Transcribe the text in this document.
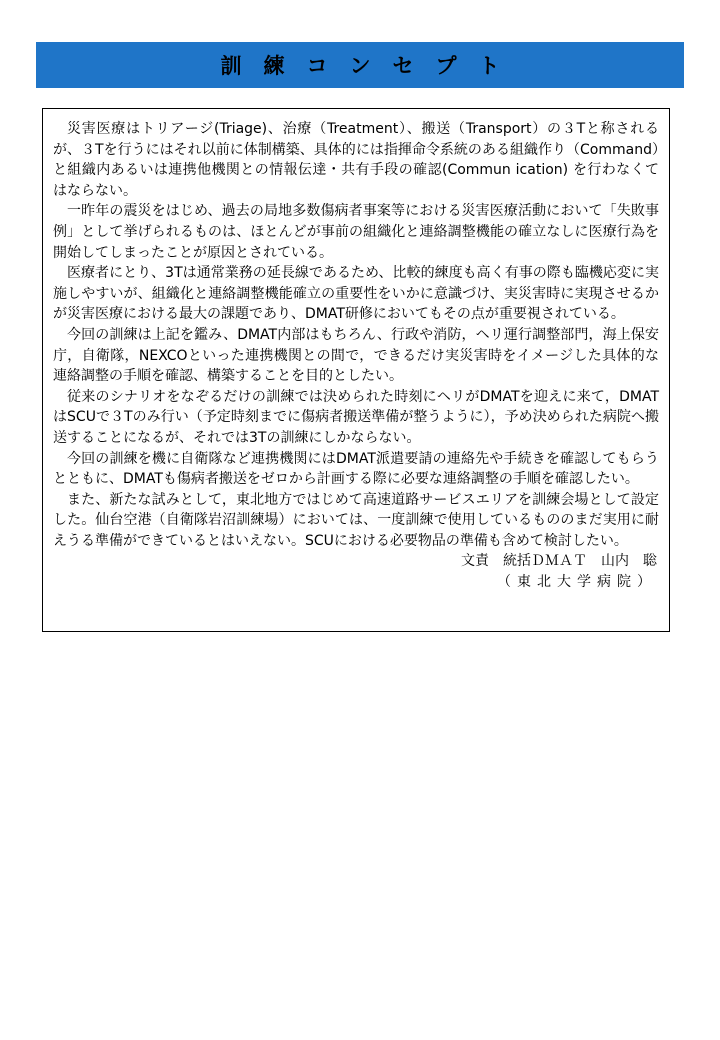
訓練コンセプト

災害医療はトリアージ(Triage)、治療（Treatment）、搬送（Transport）の３Tと称されるが、３Tを行うにはそれ以前に体制構築、具体的には指揮命令系統のある組織作り（Command）と組織内あるいは連携他機関との情報伝達・共有手段の確認(Commun ication) を行わなくてはならない。

一昨年の震災をはじめ、過去の局地多数傷病者事案等における災害医療活動において「失敗事例」として挙げられるものは、ほとんどが事前の組織化と連絡調整機能の確立なしに医療行為を開始してしまったことが原因とされている。

医療者にとり、3Tは通常業務の延長線であるため、比較的練度も高く有事の際も臨機応変に実施しやすいが、組織化と連絡調整機能確立の重要性をいかに意識づけ、実災害時に実現させるかが災害医療における最大の課題であり、DMAT研修においてもその点が重要視されている。

今回の訓練は上記を鑑み、DMAT内部はもちろん、行政や消防，ヘリ運行調整部門，海上保安庁，自衛隊，NEXCOといった連携機関との間で，できるだけ実災害時をイメージした具体的な連絡調整の手順を確認、構築することを目的としたい。

従来のシナリオをなぞるだけの訓練では決められた時刻にヘリがDMATを迎えに来て，DMATはSCUで３Tのみ行い（予定時刻までに傷病者搬送準備が整うように），予め決められた病院へ搬送することになるが、それでは3Tの訓練にしかならない。

今回の訓練を機に自衛隊など連携機関にはDMAT派遣要請の連絡先や手続きを確認してもらうとともに、DMATも傷病者搬送をゼロから計画する際に必要な連絡調整の手順を確認したい。

また、新たな試みとして，東北地方ではじめて高速道路サービスエリアを訓練会場として設定した。仙台空港（自衛隊岩沼訓練場）においては、一度訓練で使用しているもののまだ実用に耐えうる準備ができているとはいえない。SCUにおける必要物品の準備も含めて検討したい。

文責　統括ＤＭＡＴ　山内　聡

（東北大学病院）
